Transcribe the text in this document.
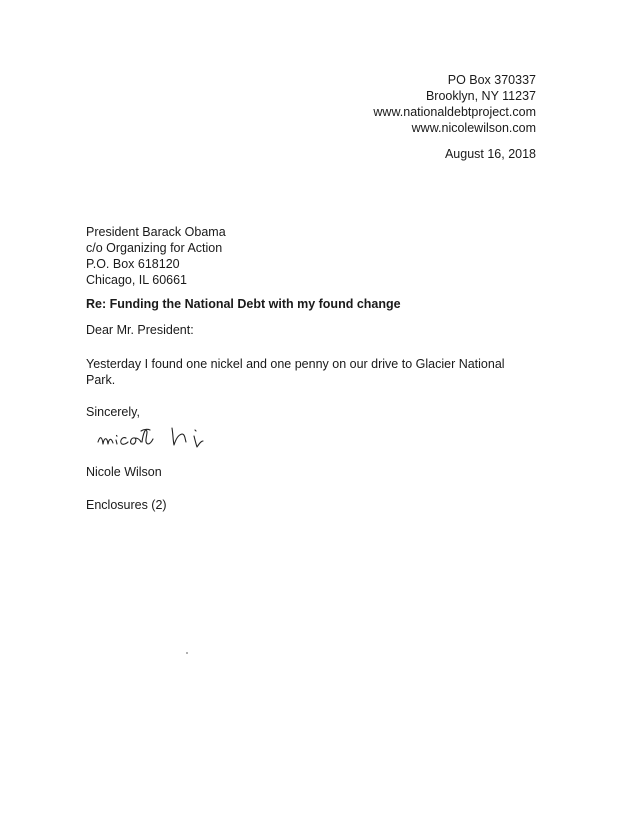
PO Box 370337
Brooklyn, NY 11237
www.nationaldebtproject.com
www.nicolewilson.com
August 16, 2018
President Barack Obama
c/o Organizing for Action
P.O. Box 618120
Chicago, IL 60661
Re: Funding the National Debt with my found change
Dear Mr. President:
Yesterday I found one nickel and one penny on our drive to Glacier National Park.
Sincerely,
Nicole Wilson
Enclosures (2)
